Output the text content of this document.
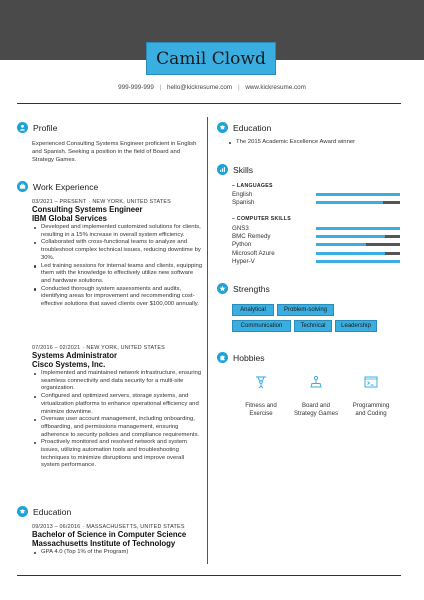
Camil Clowd
999-999-999 | hello@kickresume.com | www.kickresume.com
Profile
Experienced Consulting Systems Engineer proficient in English and Spanish. Seeking a position in the field of Board and Strategy Games.
Work Experience
03/2021 – PRESENT · NEW YORK, UNITED STATES
Consulting Systems Engineer
IBM Global Services
Developed and implemented customized solutions for clients, resulting in a 15% increase in overall system efficiency.
Collaborated with cross-functional teams to analyze and troubleshoot complex technical issues, reducing downtime by 30%.
Led training sessions for internal teams and clients, equipping them with the knowledge to effectively utilize new software and hardware solutions.
Conducted thorough system assessments and audits, identifying areas for improvement and recommending cost-effective solutions that saved clients over $100,000 annually.
07/2016 – 02/2021 · NEW YORK, UNITED STATES
Systems Administrator
Cisco Systems, Inc.
Implemented and maintained network infrastructure, ensuring seamless connectivity and data security for a multi-site organization.
Configured and optimized servers, storage systems, and virtualization platforms to enhance operational efficiency and minimize downtime.
Oversaw user account management, including onboarding, offboarding, and permissions management, ensuring adherence to security policies and compliance requirements.
Proactively monitored and resolved network and system issues, utilizing automation tools and troubleshooting techniques to minimize disruptions and improve overall system performance.
Education
09/2013 – 06/2016 · MASSACHUSETTS, UNITED STATES
Bachelor of Science in Computer Science
Massachusetts Institute of Technology
GPA 4.0 (Top 1% of the Program)
Education
The 2015 Academic Excellence Award winner
Skills
– LANGUAGES
English
Spanish
– COMPUTER SKILLS
GNS3
BMC Remedy
Python
Microsoft Azure
Hyper-V
Strengths
Analytical	Problem-solving
Communication	Technical	Leadership
Hobbies
Fitness and
Exercise
Board and
Strategy Games
Programming
and Coding
